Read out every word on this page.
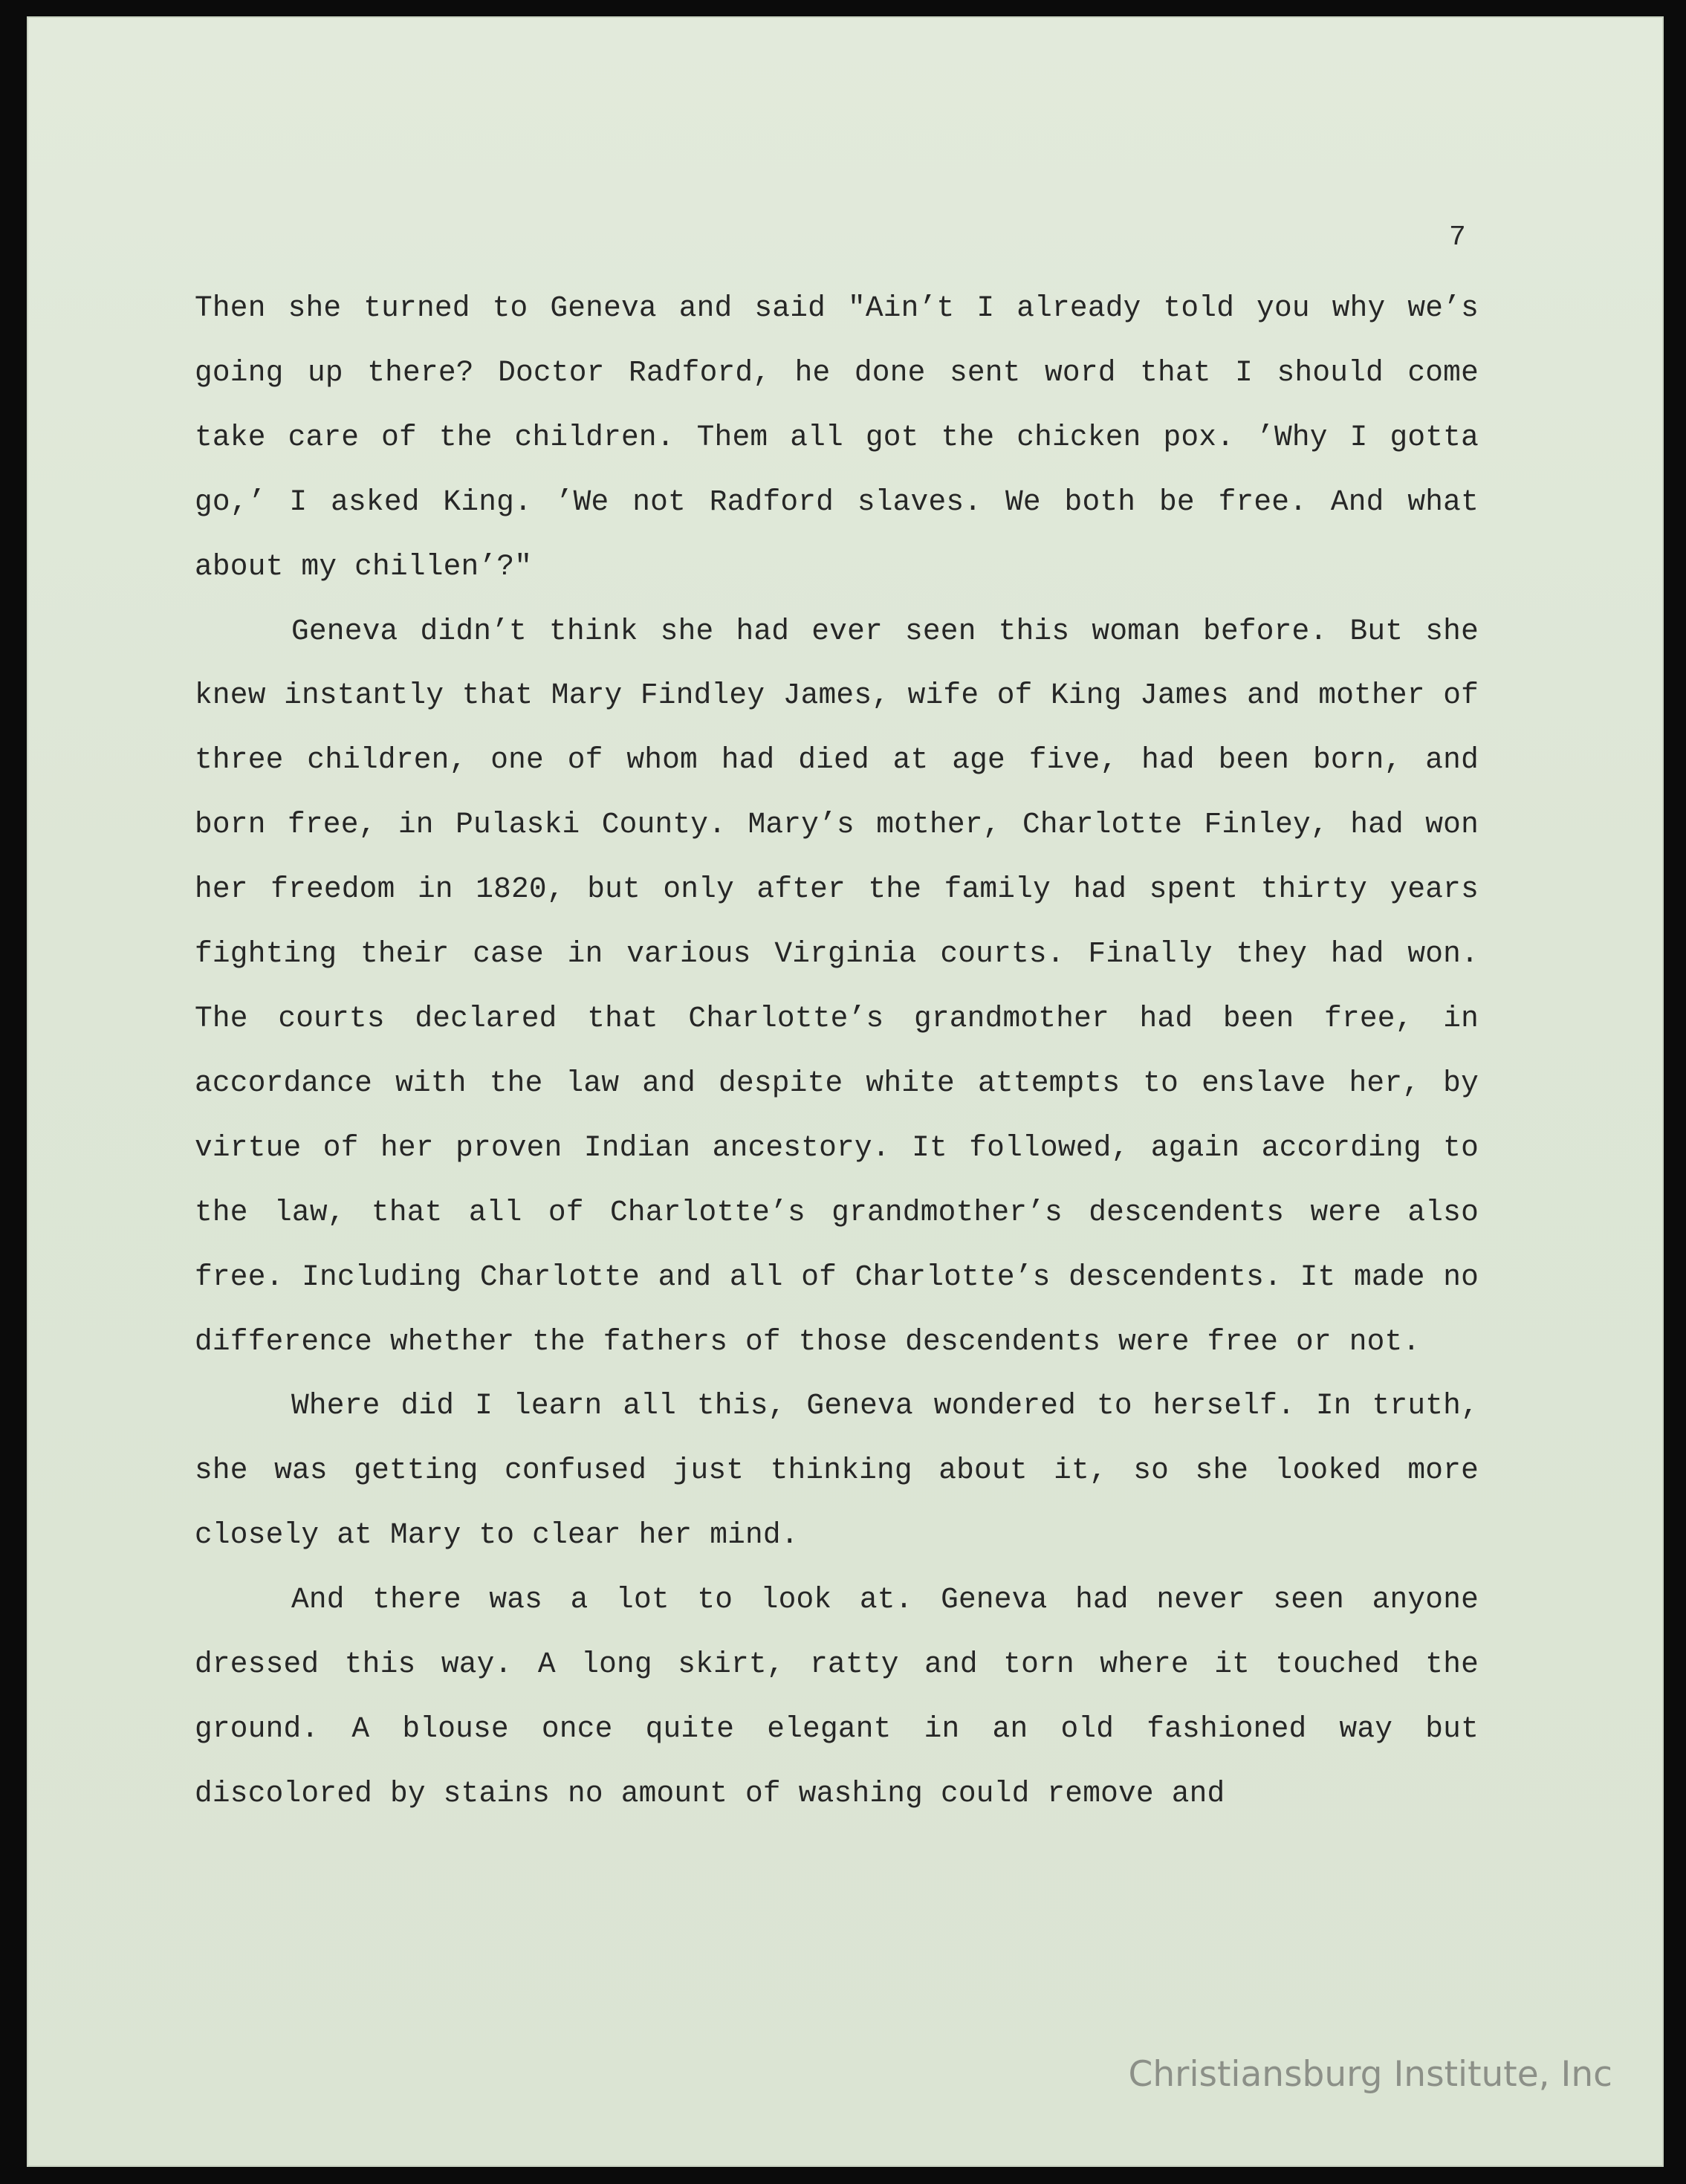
7

Then she turned to Geneva and said "Ain’t I already told you why we’s going up there? Doctor Radford, he done sent word that I should come take care of the children. Them all got the chicken pox. ’Why I gotta go,’ I asked King. ’We not Radford slaves. We both be free. And what about my chillen’?"

Geneva didn’t think she had ever seen this woman before. But she knew instantly that Mary Findley James, wife of King James and mother of three children, one of whom had died at age five, had been born, and born free, in Pulaski County. Mary’s mother, Charlotte Finley, had won her freedom in 1820, but only after the family had spent thirty years fighting their case in various Virginia courts. Finally they had won. The courts declared that Charlotte’s grandmother had been free, in accordance with the law and despite white attempts to enslave her, by virtue of her proven Indian ancestory. It followed, again according to the law, that all of Charlotte’s grandmother’s descendents were also free. Including Charlotte and all of Charlotte’s descendents. It made no difference whether the fathers of those descendents were free or not.

Where did I learn all this, Geneva wondered to herself. In truth, she was getting confused just thinking about it, so she looked more closely at Mary to clear her mind.

And there was a lot to look at. Geneva had never seen anyone dressed this way. A long skirt, ratty and torn where it touched the ground. A blouse once quite elegant in an old fashioned way but discolored by stains no amount of washing could remove and

Christiansburg Institute, Inc
